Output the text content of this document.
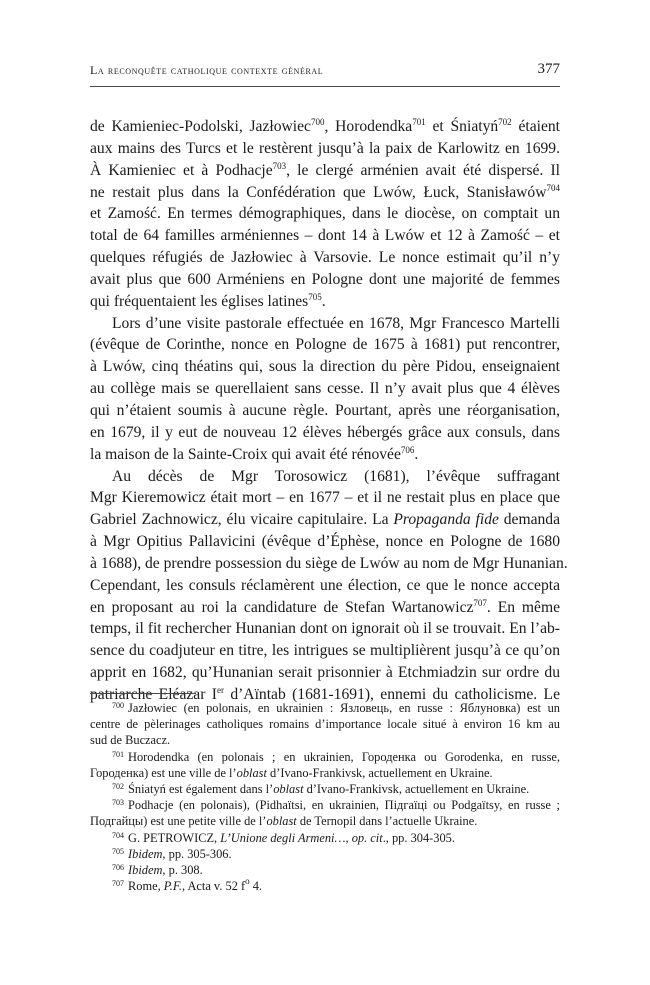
La reconquête catholique contexte général	377
de Kamieniec-Podolski, Jazłowiec$^{700}$, Horodendka$^{701}$ et Śniatyń$^{702}$ étaient
aux mains des Turcs et le restèrent jusqu’à la paix de Karlowitz en 1699.
À Kamieniec et à Podhacje$^{703}$, le clergé arménien avait été dispersé. Il
ne restait plus dans la Confédération que Lwów, Łuck, Stanisławów$^{704}$
et Zamość. En termes démographiques, dans le diocèse, on comptait un
total de 64 familles arméniennes – dont 14 à Lwów et 12 à Zamość – et
quelques réfugiés de Jazłowiec à Varsovie. Le nonce estimait qu’il n’y
avait plus que 600 Arméniens en Pologne dont une majorité de femmes
qui fréquentaient les églises latines$^{705}$.
Lors d’une visite pastorale effectuée en 1678, Mgr Francesco Martelli
(évêque de Corinthe, nonce en Pologne de 1675 à 1681) put rencontrer,
à Lwów, cinq théatins qui, sous la direction du père Pidou, enseignaient
au collège mais se querellaient sans cesse. Il n’y avait plus que 4 élèves
qui n’étaient soumis à aucune règle. Pourtant, après une réorganisation,
en 1679, il y eut de nouveau 12 élèves hébergés grâce aux consuls, dans
la maison de la Sainte-Croix qui avait été rénovée$^{706}$.
Au décès de Mgr Torosowicz (1681), l’évêque suffragant
Mgr Kieremowicz était mort – en 1677 – et il ne restait plus en place que
Gabriel Zachnowicz, élu vicaire capitulaire. La Propaganda fide demanda
à Mgr Opitius Pallavicini (évêque d’Éphèse, nonce en Pologne de 1680
à 1688), de prendre possession du siège de Lwów au nom de Mgr Hunanian.
Cependant, les consuls réclamèrent une élection, ce que le nonce accepta
en proposant au roi la candidature de Stefan Wartanowicz$^{707}$. En même
temps, il fit rechercher Hunanian dont on ignorait où il se trouvait. En l’ab-
sence du coadjuteur en titre, les intrigues se multiplièrent jusqu’à ce qu’on
apprit en 1682, qu’Hunanian serait prisonnier à Etchmiadzin sur ordre du
patriarche Eléazar Ier d’Aïntab (1681-1691), ennemi du catholicisme. Le
$^{700}$ Jazłowiec (en polonais, en ukrainien : Язловець, en russe : Яблуновка) est un
centre de pèlerinages catholiques romains d’importance locale situé à environ 16 km au
sud de Buczacz.
$^{701}$ Horodendka (en polonais ; en ukrainien, Городенка ou Gorodenka, en russe,
Городенка) est une ville de l’oblast d’Ivano-Frankivsk, actuellement en Ukraine.
$^{702}$ Śniatyń est également dans l’oblast d’Ivano-Frankivsk, actuellement en Ukraine.
$^{703}$ Podhacje (en polonais), (Pidhaïtsi, en ukrainien, Підгаїці ou Podgaïtsy, en russe ;
Подгайцы) est une petite ville de l’oblast de Ternopil dans l’actuelle Ukraine.
$^{704}$ G. PETROWICZ, L’Unione degli Armeni…, op. cit., pp. 304-305.
$^{705}$ Ibidem, pp. 305-306.
$^{706}$ Ibidem, p. 308.
$^{707}$ Rome, P.F., Acta v. 52 $f^o$ 4.
